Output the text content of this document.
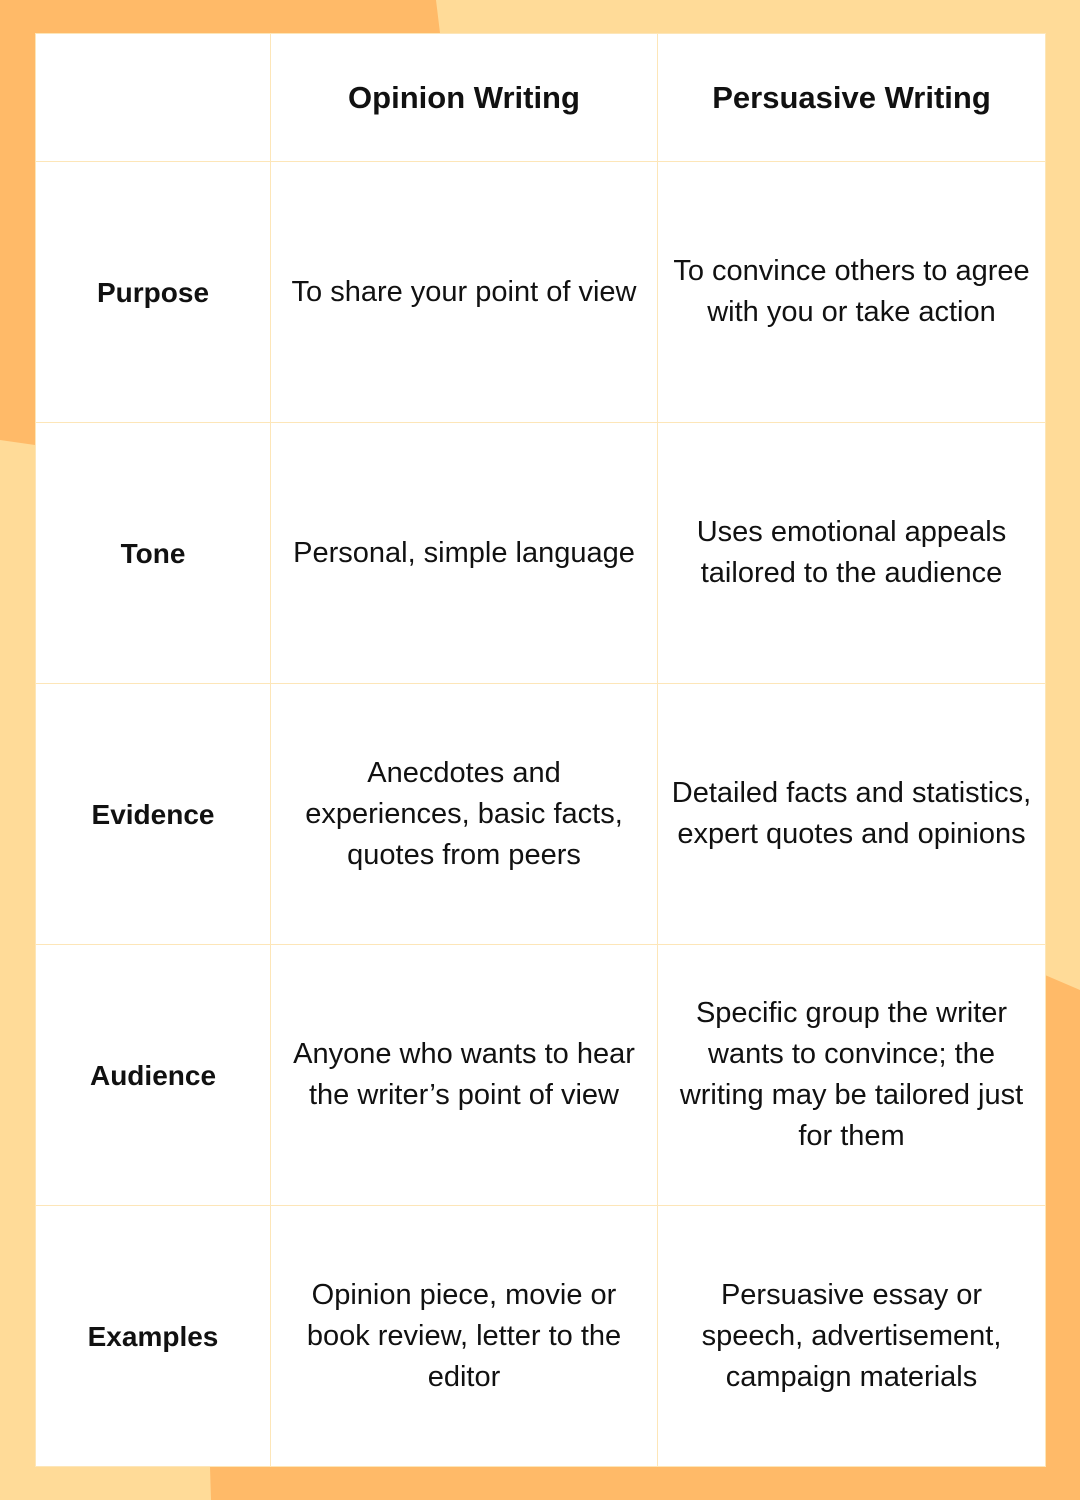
	Opinion Writing	Persuasive Writing
Purpose	To share your point of view	To convince others to agree with you or take action
Tone	Personal, simple language	Uses emotional appeals tailored to the audience
Evidence	Anecdotes and experiences, basic facts, quotes from peers	Detailed facts and statistics, expert quotes and opinions
Audience	Anyone who wants to hear the writer’s point of view	Specific group the writer wants to convince; the writing may be tailored just for them
Examples	Opinion piece, movie or book review, letter to the editor	Persuasive essay or speech, advertisement, campaign materials
